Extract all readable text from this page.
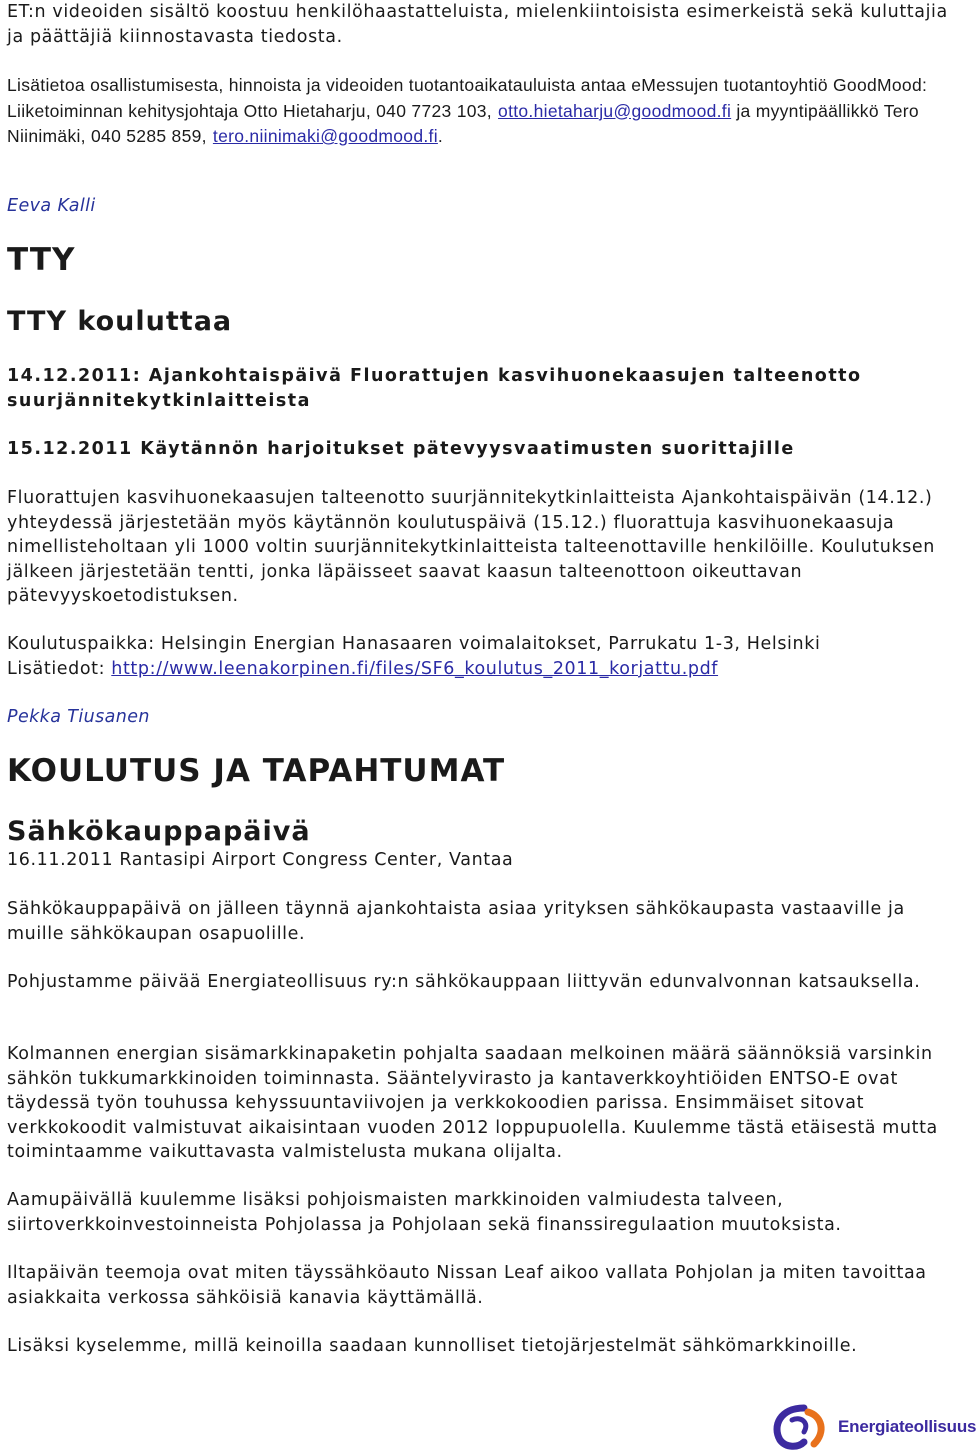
ET:n videoiden sisältö koostuu henkilöhaastatteluista, mielenkiintoisista esimerkeistä sekä kuluttajia ja päättäjiä kiinnostavasta tiedosta.

Lisätietoa osallistumisesta, hinnoista ja videoiden tuotantoaikatauluista antaa eMessujen tuotantoyhtiö GoodMood: Liiketoiminnan kehitysjohtaja Otto Hietaharju, 040 7723 103, otto.hietaharju@goodmood.fi ja myyntipäällikkö Tero Niinimäki, 040 5285 859, tero.niinimaki@goodmood.fi.

Eeva Kalli
TTY
TTY kouluttaa
14.12.2011: Ajankohtaispäivä Fluorattujen kasvihuonekaasujen talteenotto suurjännitekytkinlaitteista
15.12.2011 Käytännön harjoitukset pätevyysvaatimusten suorittajille

Fluorattujen kasvihuonekaasujen talteenotto suurjännitekytkinlaitteista Ajankohtaispäivän (14.12.) yhteydessä järjestetään myös käytännön koulutuspäivä (15.12.) fluorattuja kasvihuonekaasuja nimellisteholtaan yli 1000 voltin suurjännitekytkinlaitteista talteenottaville henkilöille. Koulutuksen jälkeen järjestetään tentti, jonka läpäisseet saavat kaasun talteenottoon oikeuttavan pätevyyskoetodistuksen.

Koulutuspaikka: Helsingin Energian Hanasaaren voimalaitokset, Parrukatu 1-3, Helsinki
Lisätiedot: http://www.leenakorpinen.fi/files/SF6_koulutus_2011_korjattu.pdf

Pekka Tiusanen
KOULUTUS JA TAPAHTUMAT
Sähkökauppapäivä
16.11.2011 Rantasipi Airport Congress Center, Vantaa

Sähkökauppapäivä on jälleen täynnä ajankohtaista asiaa yrityksen sähkökaupasta vastaaville ja muille sähkökaupan osapuolille.

Pohjustamme päivää Energiateollisuus ry:n sähkökauppaan liittyvän edunvalvonnan katsauksella.

Kolmannen energian sisämarkkinapaketin pohjalta saadaan melkoinen määrä säännöksiä varsinkin sähkön tukkumarkkinoiden toiminnasta. Sääntelyvirasto ja kantaverkkoyhtiöiden ENTSO-E ovat täydessä työn touhussa kehyssuuntaviivojen ja verkkokoodien parissa. Ensimmäiset sitovat verkkokoodit valmistuvat aikaisintaan vuoden 2012 loppupuolella. Kuulemme tästä etäisestä mutta toimintaamme vaikuttavasta valmistelusta mukana olijalta.

Aamupäivällä kuulemme lisäksi pohjoismaisten markkinoiden valmiudesta talveen, siirtoverkkoinvestoinneista Pohjolassa ja Pohjolaan sekä finanssiregulaation muutoksista.

Iltapäivän teemoja ovat miten täyssähköauto Nissan Leaf aikoo vallata Pohjolan ja miten tavoittaa asiakkaita verkossa sähköisiä kanavia käyttämällä.

Lisäksi kyselemme, millä keinoilla saadaan kunnolliset tietojärjestelmät sähkömarkkinoille.

Energiateollisuus
